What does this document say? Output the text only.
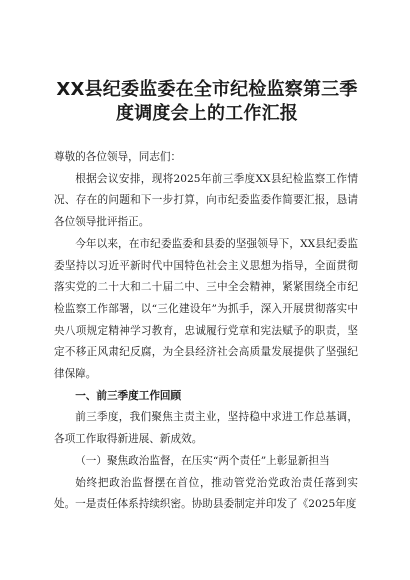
XX县纪委监委在全市纪检监察第三季
度调度会上的工作汇报

尊敬的各位领导，同志们：

根据会议安排，现将2025年前三季度XX县纪检监察工作情况、存在的问题和下一步打算，向市纪委监委作简要汇报，恳请各位领导批评指正。

今年以来，在市纪委监委和县委的坚强领导下，XX县纪委监委坚持以习近平新时代中国特色社会主义思想为指导，全面贯彻落实党的二十大和二十届二中、三中全会精神，紧紧围绕全市纪检监察工作部署，以“三化建设年”为抓手，深入开展贯彻落实中央八项规定精神学习教育，忠诚履行党章和宪法赋予的职责，坚定不移正风肃纪反腐，为全县经济社会高质量发展提供了坚强纪律保障。

一、前三季度工作回顾

前三季度，我们聚焦主责主业，坚持稳中求进工作总基调，各项工作取得新进展、新成效。

（一）聚焦政治监督，在压实“两个责任”上彰显新担当

始终把政治监督摆在首位，推动管党治党政治责任落到实处。一是责任体系持续织密。协助县委制定并印发了《2025年度
